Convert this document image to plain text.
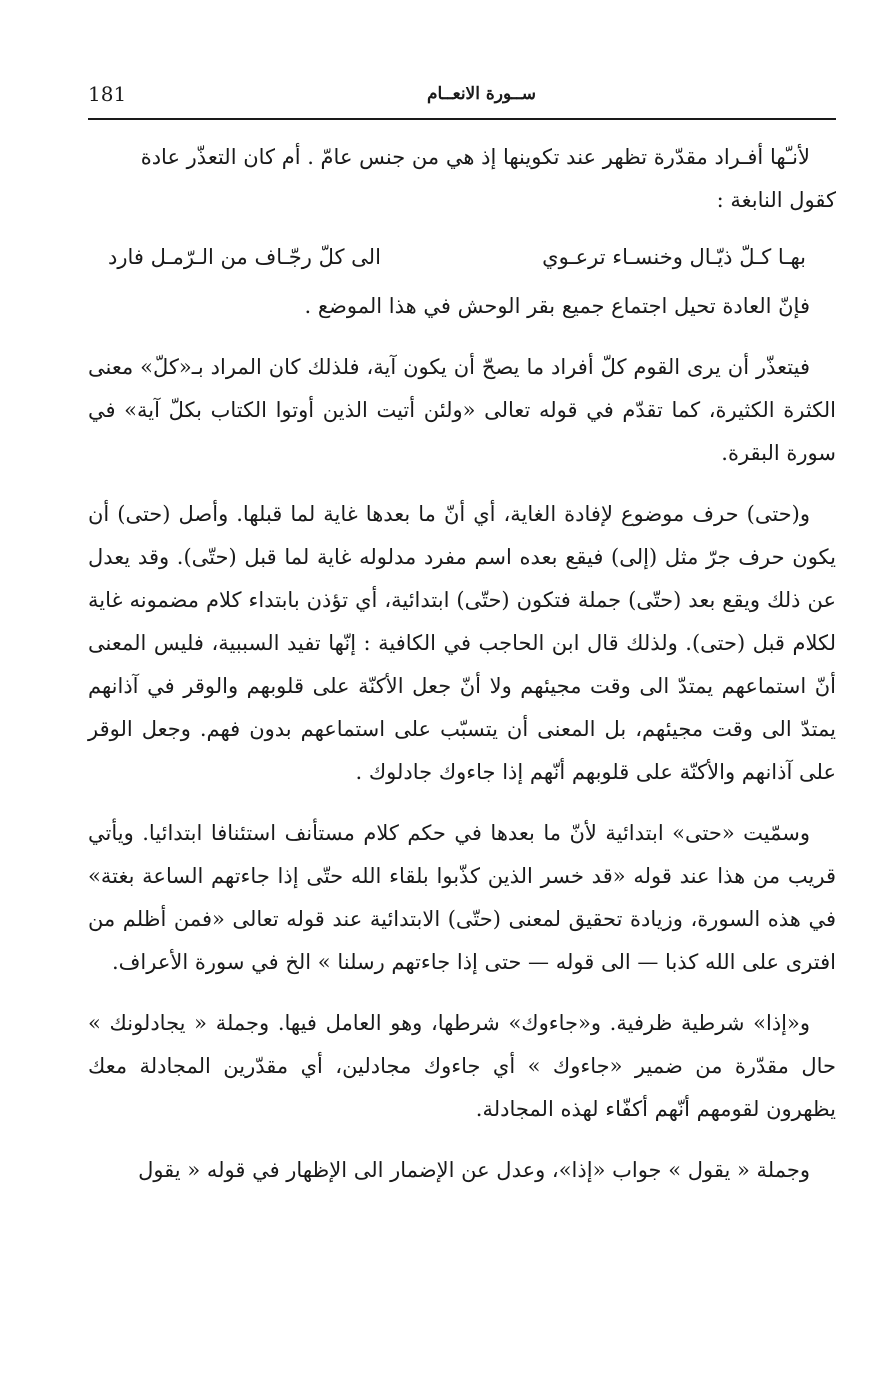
ســورة الانعــام
181

لأنـّها أفـراد مقدّرة تظهر عند تكوينها إذ هي من جنس عامّ . أم كان التعذّر عادة
كقول النابغة :

بهـا كـلّ ذيّـال وخنسـاء ترعـوي
الى كلّ رجّـاف من الـرّمـل فارد

فإنّ العادة تحيل اجتماع جميع بقر الوحش في هذا الموضع .

فيتعذّر أن يرى القوم كلّ أفراد ما يصحّ أن يكون آية، فلذلك كان المراد بـ«كلّ» معنى الكثرة الكثيرة، كما تقدّم في قوله تعالى «ولئن أتيت الذين أوتوا الكتاب بكلّ آية» في سورة البقرة.

و(حتى) حرف موضوع لإفادة الغاية، أي أنّ ما بعدها غاية لما قبلها. وأصل (حتى) أن يكون حرف جرّ مثل (إلى) فيقع بعده اسم مفرد مدلوله غاية لما قبل (حتّى). وقد يعدل عن ذلك ويقع بعد (حتّى) جملة فتكون (حتّى) ابتدائية، أي تؤذن بابتداء كلام مضمونه غاية لكلام قبل (حتى). ولذلك قال ابن الحاجب في الكافية : إنّها تفيد السببية، فليس المعنى أنّ استماعهم يمتدّ الى وقت مجيئهم ولا أنّ جعل الأكنّة على قلوبهم والوقر في آذانهم يمتدّ الى وقت مجيئهم، بل المعنى أن يتسبّب على استماعهم بدون فهم. وجعل الوقر على آذانهم والأكنّة على قلوبهم أنّهم إذا جاءوك جادلوك .

وسمّيت «حتى» ابتدائية لأنّ ما بعدها في حكم كلام مستأنف استئنافا ابتدائيا. ويأتي قريب من هذا عند قوله «قد خسر الذين كذّبوا بلقاء الله حتّى إذا جاءتهم الساعة بغتة» في هذه السورة، وزيادة تحقيق لمعنى (حتّى) الابتدائية عند قوله تعالى «فمن أظلم من افترى على الله كذبا — الى قوله — حتى إذا جاءتهم رسلنا » الخ في سورة الأعراف.

و«إذا» شرطية ظرفية. و«جاءوك» شرطها، وهو العامل فيها. وجملة « يجادلونك » حال مقدّرة من ضمير «جاءوك » أي جاءوك مجادلين، أي مقدّرين المجادلة معك يظهرون لقومهم أنّهم أكفّاء لهذه المجادلة.

وجملة « يقول » جواب «إذا»، وعدل عن الإضمار الى الإظهار في قوله « يقول
